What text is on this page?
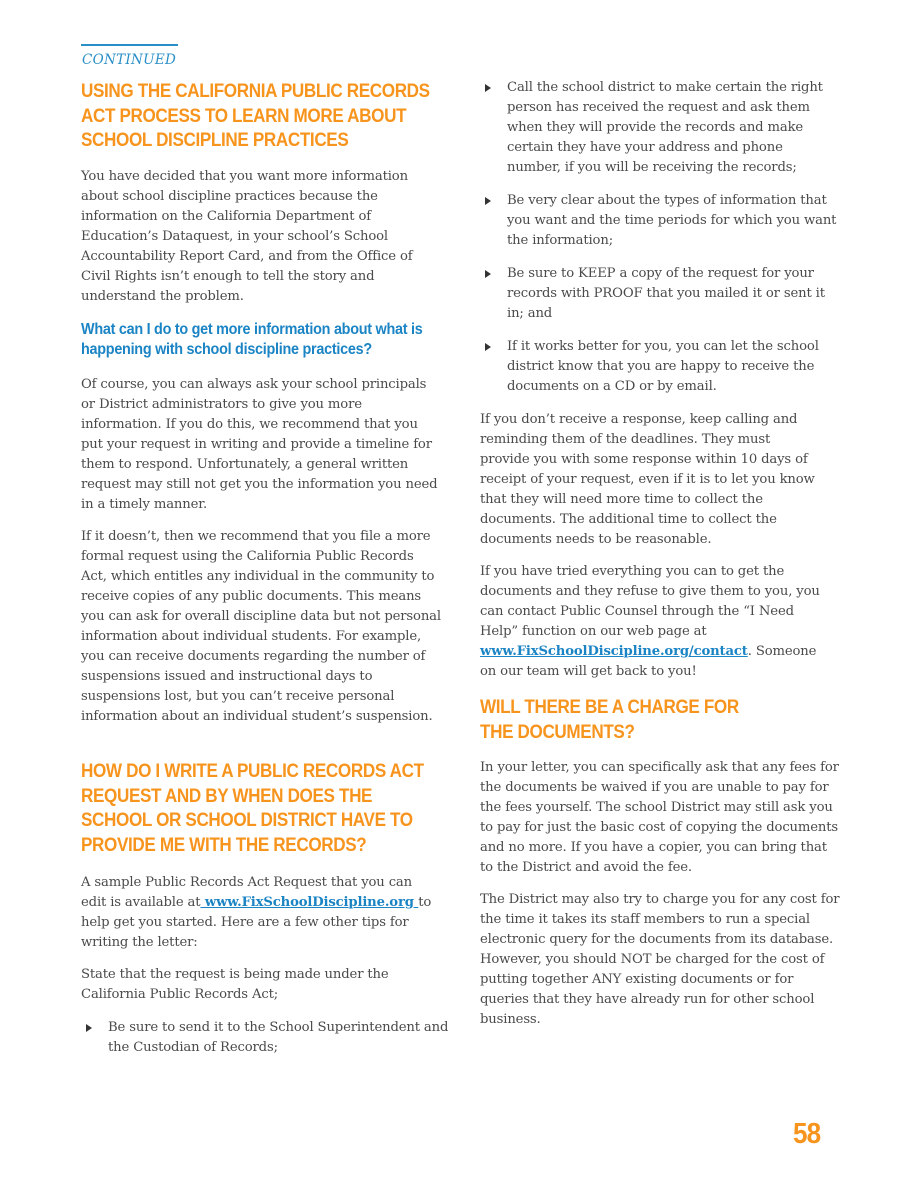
CONTINUED
USING THE CALIFORNIA PUBLIC RECORDS ACT PROCESS TO LEARN MORE ABOUT SCHOOL DISCIPLINE PRACTICES

You have decided that you want more information about school discipline practices because the information on the California Department of Education’s Dataquest, in your school’s School Accountability Report Card, and from the Office of Civil Rights isn’t enough to tell the story and understand the problem.

What can I do to get more information about what is happening with school discipline practices?

Of course, you can always ask your school principals or District administrators to give you more information. If you do this, we recommend that you put your request in writing and provide a timeline for them to respond. Unfortunately, a general written request may still not get you the information you need in a timely manner.

If it doesn’t, then we recommend that you file a more formal request using the California Public Records Act, which entitles any individual in the community to receive copies of any public documents. This means you can ask for overall discipline data but not personal information about individual students. For example, you can receive documents regarding the number of suspensions issued and instructional days to suspensions lost, but you can’t receive personal information about an individual student’s suspension.

HOW DO I WRITE A PUBLIC RECORDS ACT REQUEST AND BY WHEN DOES THE SCHOOL OR SCHOOL DISTRICT HAVE TO PROVIDE ME WITH THE RECORDS?

A sample Public Records Act Request that you can edit is available at www.FixSchoolDiscipline.org to help get you started. Here are a few other tips for writing the letter:

State that the request is being made under the California Public Records Act;

Be sure to send it to the School Superintendent and the Custodian of Records;
Call the school district to make certain the right person has received the request and ask them when they will provide the records and make certain they have your address and phone number, if you will be receiving the records;
Be very clear about the types of information that you want and the time periods for which you want the information;
Be sure to KEEP a copy of the request for your records with PROOF that you mailed it or sent it in; and
If it works better for you, you can let the school district know that you are happy to receive the documents on a CD or by email.

If you don’t receive a response, keep calling and reminding them of the deadlines. They must provide you with some response within 10 days of receipt of your request, even if it is to let you know that they will need more time to collect the documents. The additional time to collect the documents needs to be reasonable.

If you have tried everything you can to get the documents and they refuse to give them to you, you can contact Public Counsel through the “I Need Help” function on our web page at www.FixSchoolDiscipline.org/contact. Someone on our team will get back to you!

WILL THERE BE A CHARGE FOR THE DOCUMENTS?

In your letter, you can specifically ask that any fees for the documents be waived if you are unable to pay for the fees yourself. The school District may still ask you to pay for just the basic cost of copying the documents and no more. If you have a copier, you can bring that to the District and avoid the fee.

The District may also try to charge you for any cost for the time it takes its staff members to run a special electronic query for the documents from its database. However, you should NOT be charged for the cost of putting together ANY existing documents or for queries that they have already run for other school business.

58
